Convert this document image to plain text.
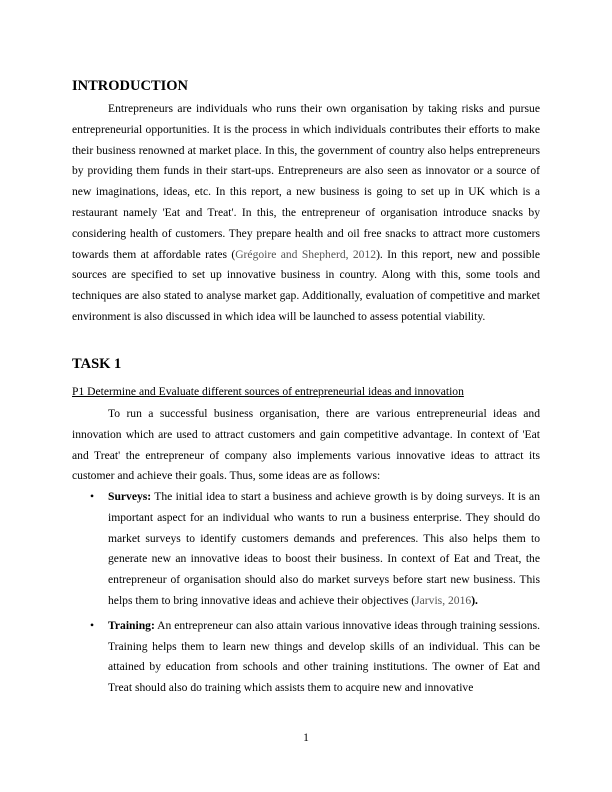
INTRODUCTION

Entrepreneurs are individuals who runs their own organisation by taking risks and pursue entrepreneurial opportunities. It is the process in which individuals contributes their efforts to make their business renowned at market place. In this, the government of country also helps entrepreneurs by providing them funds in their start-ups. Entrepreneurs are also seen as innovator or a source of new imaginations, ideas, etc. In this report, a new business is going to set up in UK which is a restaurant namely 'Eat and Treat'. In this, the entrepreneur of organisation introduce snacks by considering health of customers. They prepare health and oil free snacks to attract more customers towards them at affordable rates (Grégoire and Shepherd, 2012). In this report, new and possible sources are specified to set up innovative business in country. Along with this, some tools and techniques are also stated to analyse market gap. Additionally, evaluation of competitive and market environment is also discussed in which idea will be launched to assess potential viability.

TASK 1
P1 Determine and Evaluate different sources of entrepreneurial ideas and innovation

To run a successful business organisation, there are various entrepreneurial ideas and innovation which are used to attract customers and gain competitive advantage. In context of 'Eat and Treat' the entrepreneur of company also implements various innovative ideas to attract its customer and achieve their goals. Thus, some ideas are as follows:

• Surveys: The initial idea to start a business and achieve growth is by doing surveys. It is an important aspect for an individual who wants to run a business enterprise. They should do market surveys to identify customers demands and preferences. This also helps them to generate new an innovative ideas to boost their business. In context of Eat and Treat, the entrepreneur of organisation should also do market surveys before start new business. This helps them to bring innovative ideas and achieve their objectives (Jarvis, 2016).

• Training: An entrepreneur can also attain various innovative ideas through training sessions. Training helps them to learn new things and develop skills of an individual. This can be attained by education from schools and other training institutions. The owner of Eat and Treat should also do training which assists them to acquire new and innovative

1
